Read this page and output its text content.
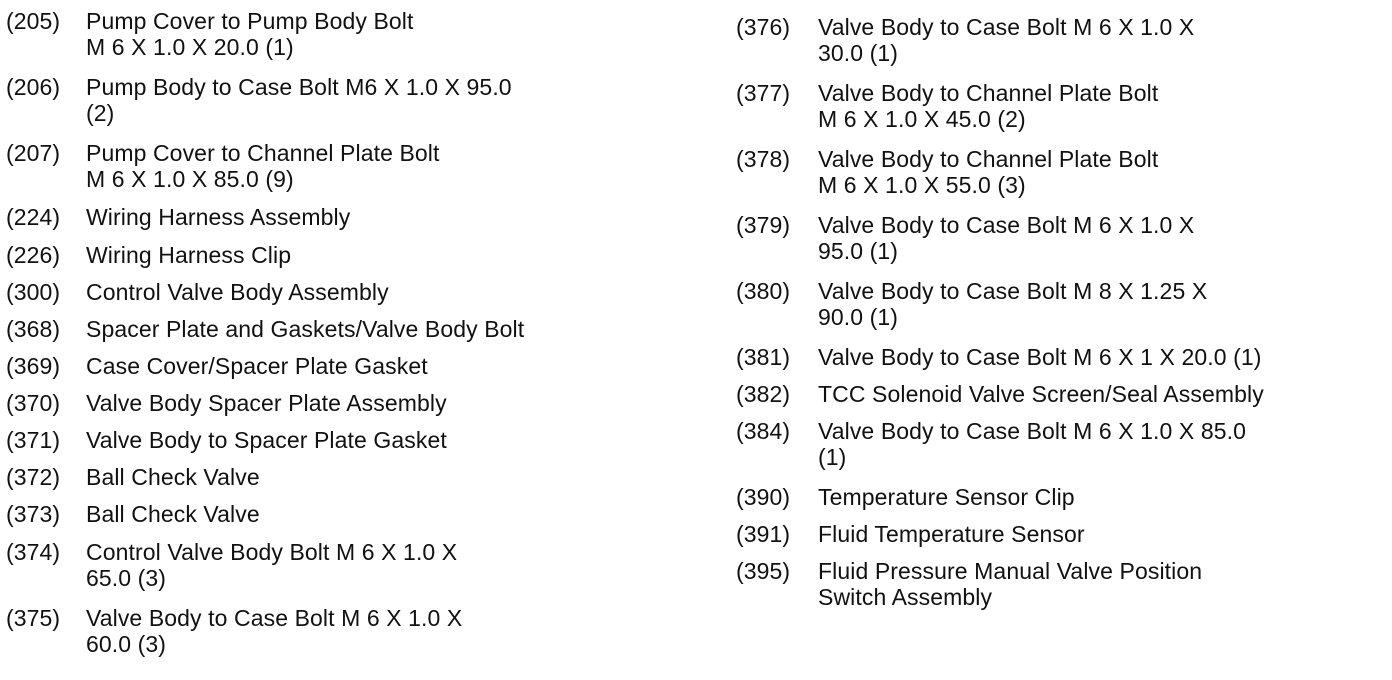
(205) Pump Cover to Pump Body Bolt
M 6 X 1.0 X 20.0 (1)
(206) Pump Body to Case Bolt M6 X 1.0 X 95.0
(2)
(207) Pump Cover to Channel Plate Bolt
M 6 X 1.0 X 85.0 (9)
(224) Wiring Harness Assembly
(226) Wiring Harness Clip
(300) Control Valve Body Assembly
(368) Spacer Plate and Gaskets/Valve Body Bolt
(369) Case Cover/Spacer Plate Gasket
(370) Valve Body Spacer Plate Assembly
(371) Valve Body to Spacer Plate Gasket
(372) Ball Check Valve
(373) Ball Check Valve
(374) Control Valve Body Bolt M 6 X 1.0 X
65.0 (3)
(375) Valve Body to Case Bolt M 6 X 1.0 X
60.0 (3)
(376) Valve Body to Case Bolt M 6 X 1.0 X
30.0 (1)
(377) Valve Body to Channel Plate Bolt
M 6 X 1.0 X 45.0 (2)
(378) Valve Body to Channel Plate Bolt
M 6 X 1.0 X 55.0 (3)
(379) Valve Body to Case Bolt M 6 X 1.0 X
95.0 (1)
(380) Valve Body to Case Bolt M 8 X 1.25 X
90.0 (1)
(381) Valve Body to Case Bolt M 6 X 1 X 20.0 (1)
(382) TCC Solenoid Valve Screen/Seal Assembly
(384) Valve Body to Case Bolt M 6 X 1.0 X 85.0
(1)
(390) Temperature Sensor Clip
(391) Fluid Temperature Sensor
(395) Fluid Pressure Manual Valve Position
Switch Assembly
